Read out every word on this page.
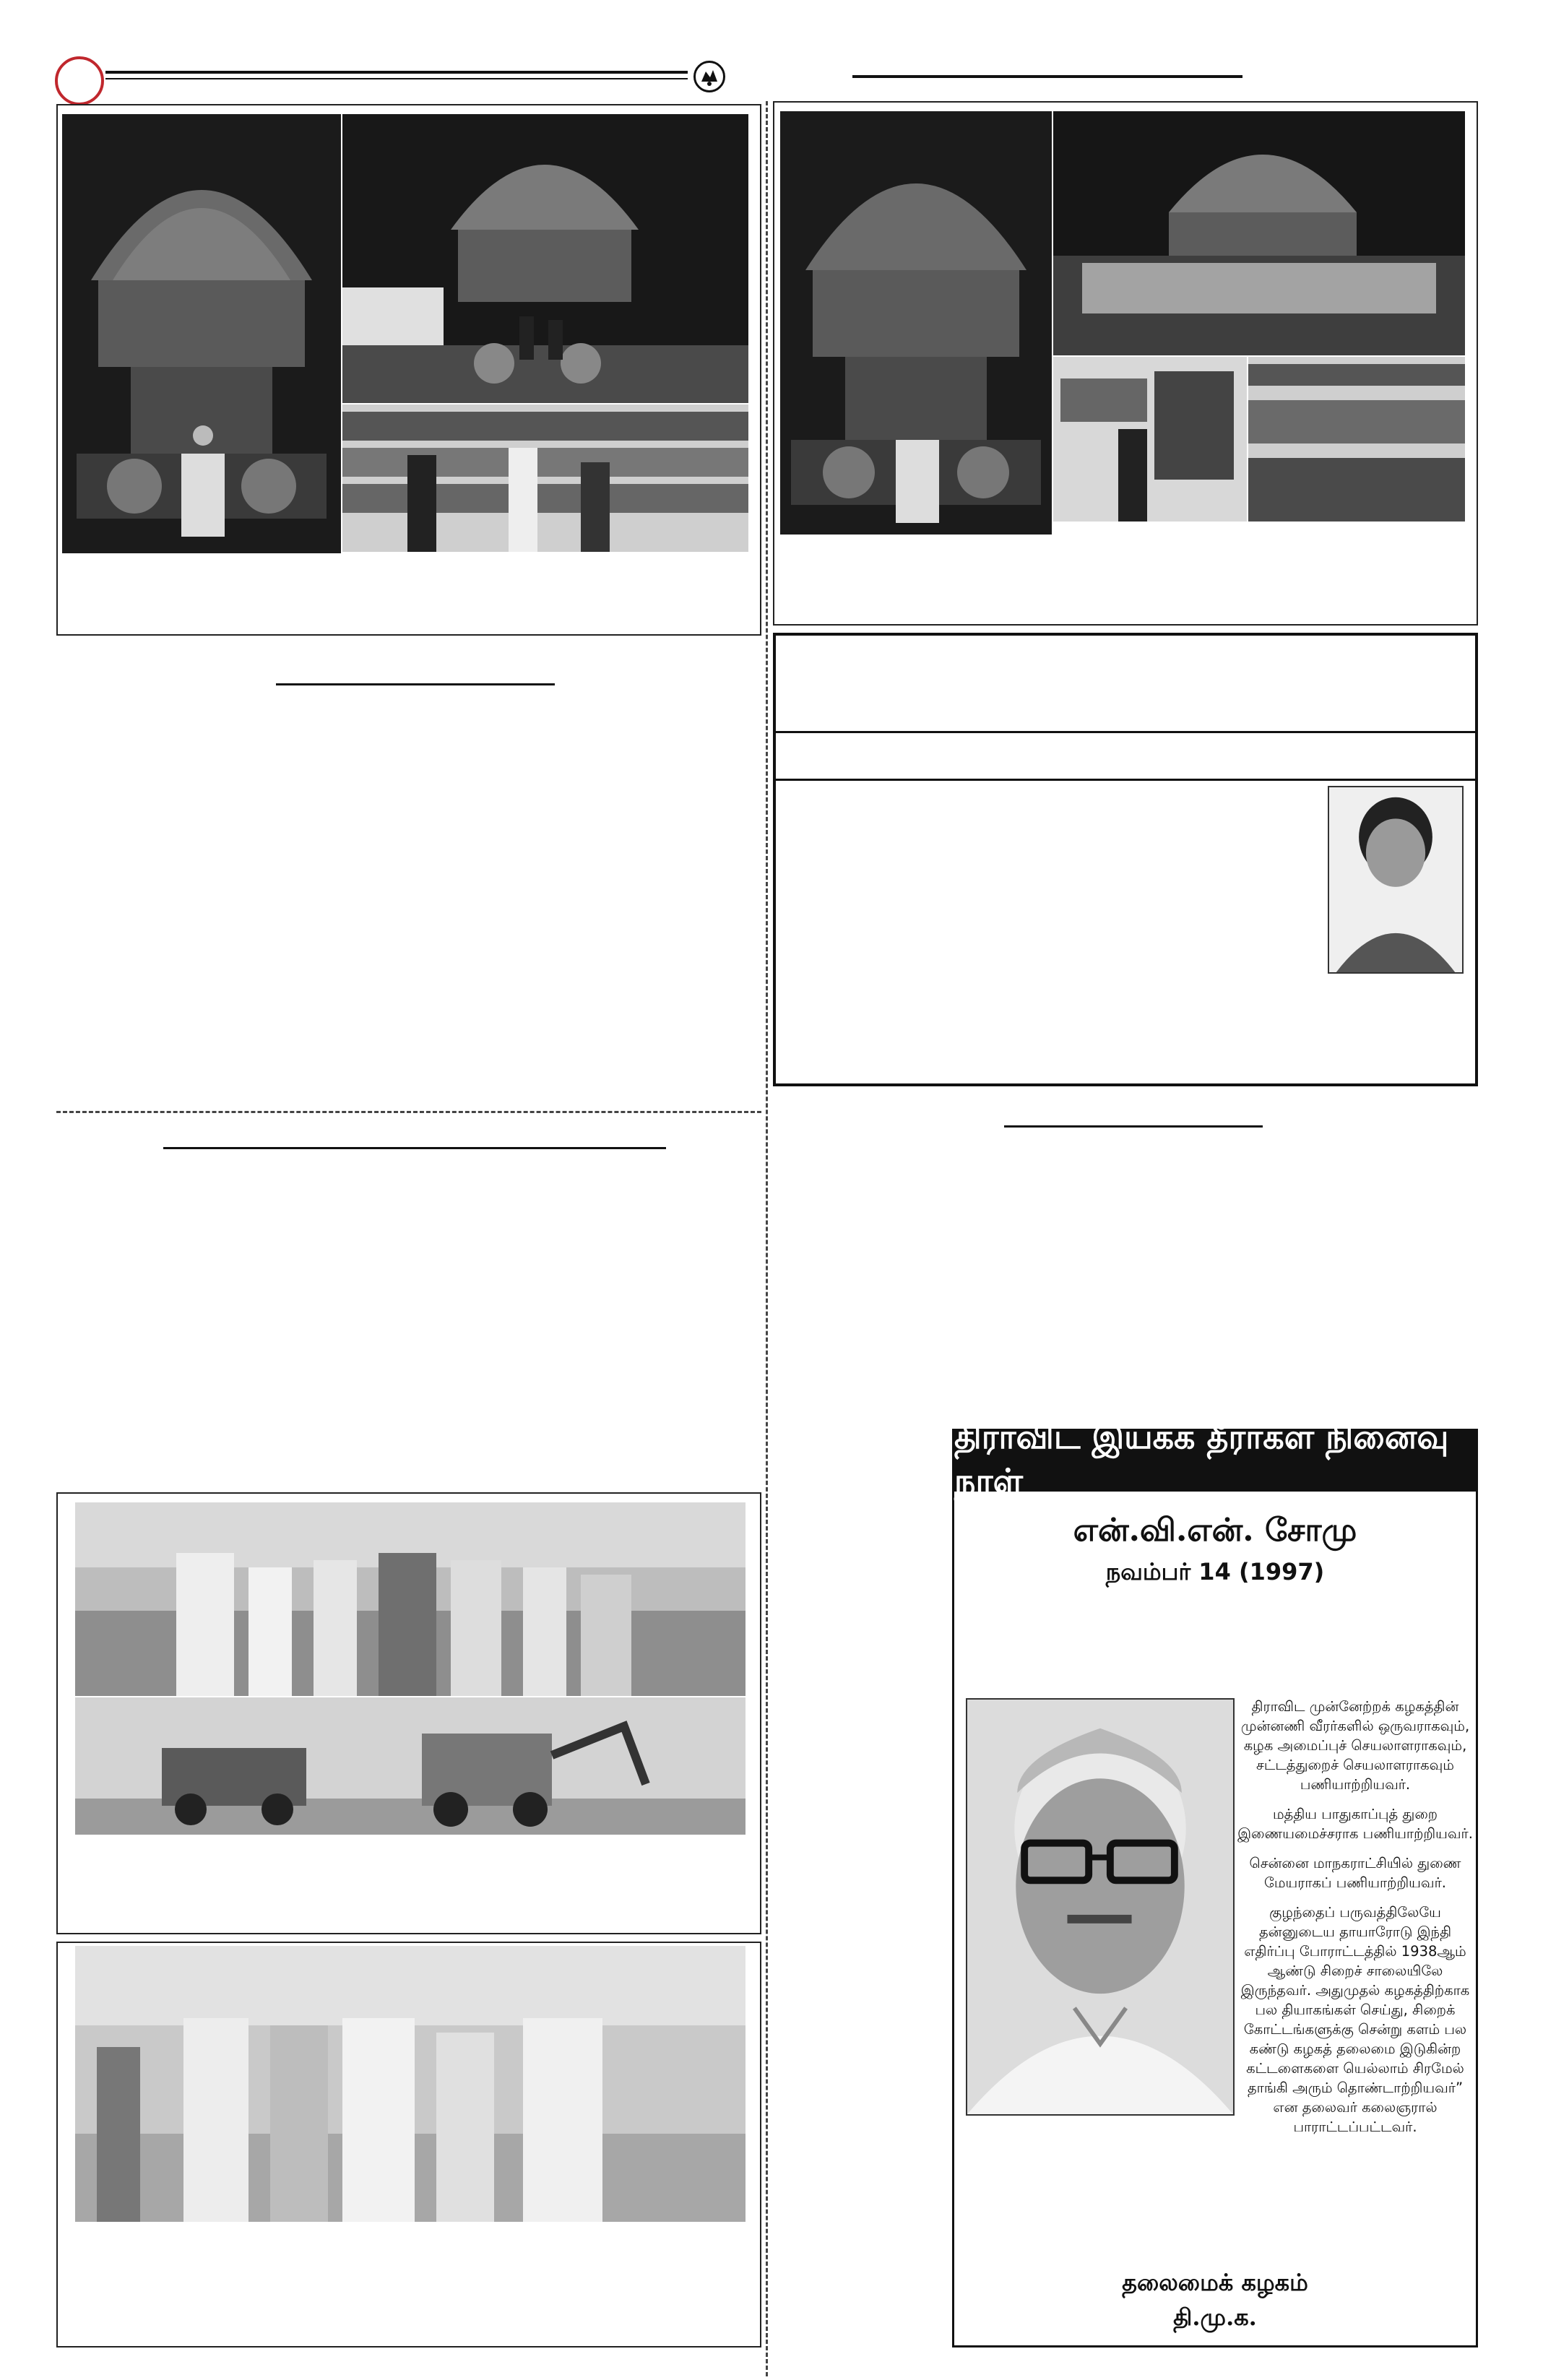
திராவிட இயக்க தீரர்கள் நினைவு நாள்
என்.வி.என். சோமு
நவம்பர் 14 (1997)

திராவிட முன்னேற்றக் கழகத்தின் முன்னணி வீரர்களில் ஒருவராகவும், கழக அமைப்புச் செயலாளராகவும், சட்டத்துறைச் செயலாளராகவும் பணியாற்றியவர்.

மத்திய பாதுகாப்புத் துறை இணையமைச்சராக பணியாற்றியவர்.

சென்னை மாநகராட்சியில் துணை மேயராகப் பணியாற்றியவர்.

குழந்தைப் பருவத்திலேயே தன்னுடைய தாயாரோடு இந்தி எதிர்ப்பு போராட்டத்தில் 1938ஆம் ஆண்டு சிறைச் சாலையிலே இருந்தவர். அதுமுதல் கழகத்திற்காக பல தியாகங்கள் செய்து, சிறைக் கோட்டங்களுக்கு சென்று களம் பல கண்டு கழகத் தலைமை இடுகின்ற கட்டளைகளை யெல்லாம் சிரமேல் தாங்கி அரும் தொண்டாற்றியவர்” என தலைவர் கலைஞரால் பாராட்டப்பட்டவர்.

தலைமைக் கழகம்
தி.மு.க.
